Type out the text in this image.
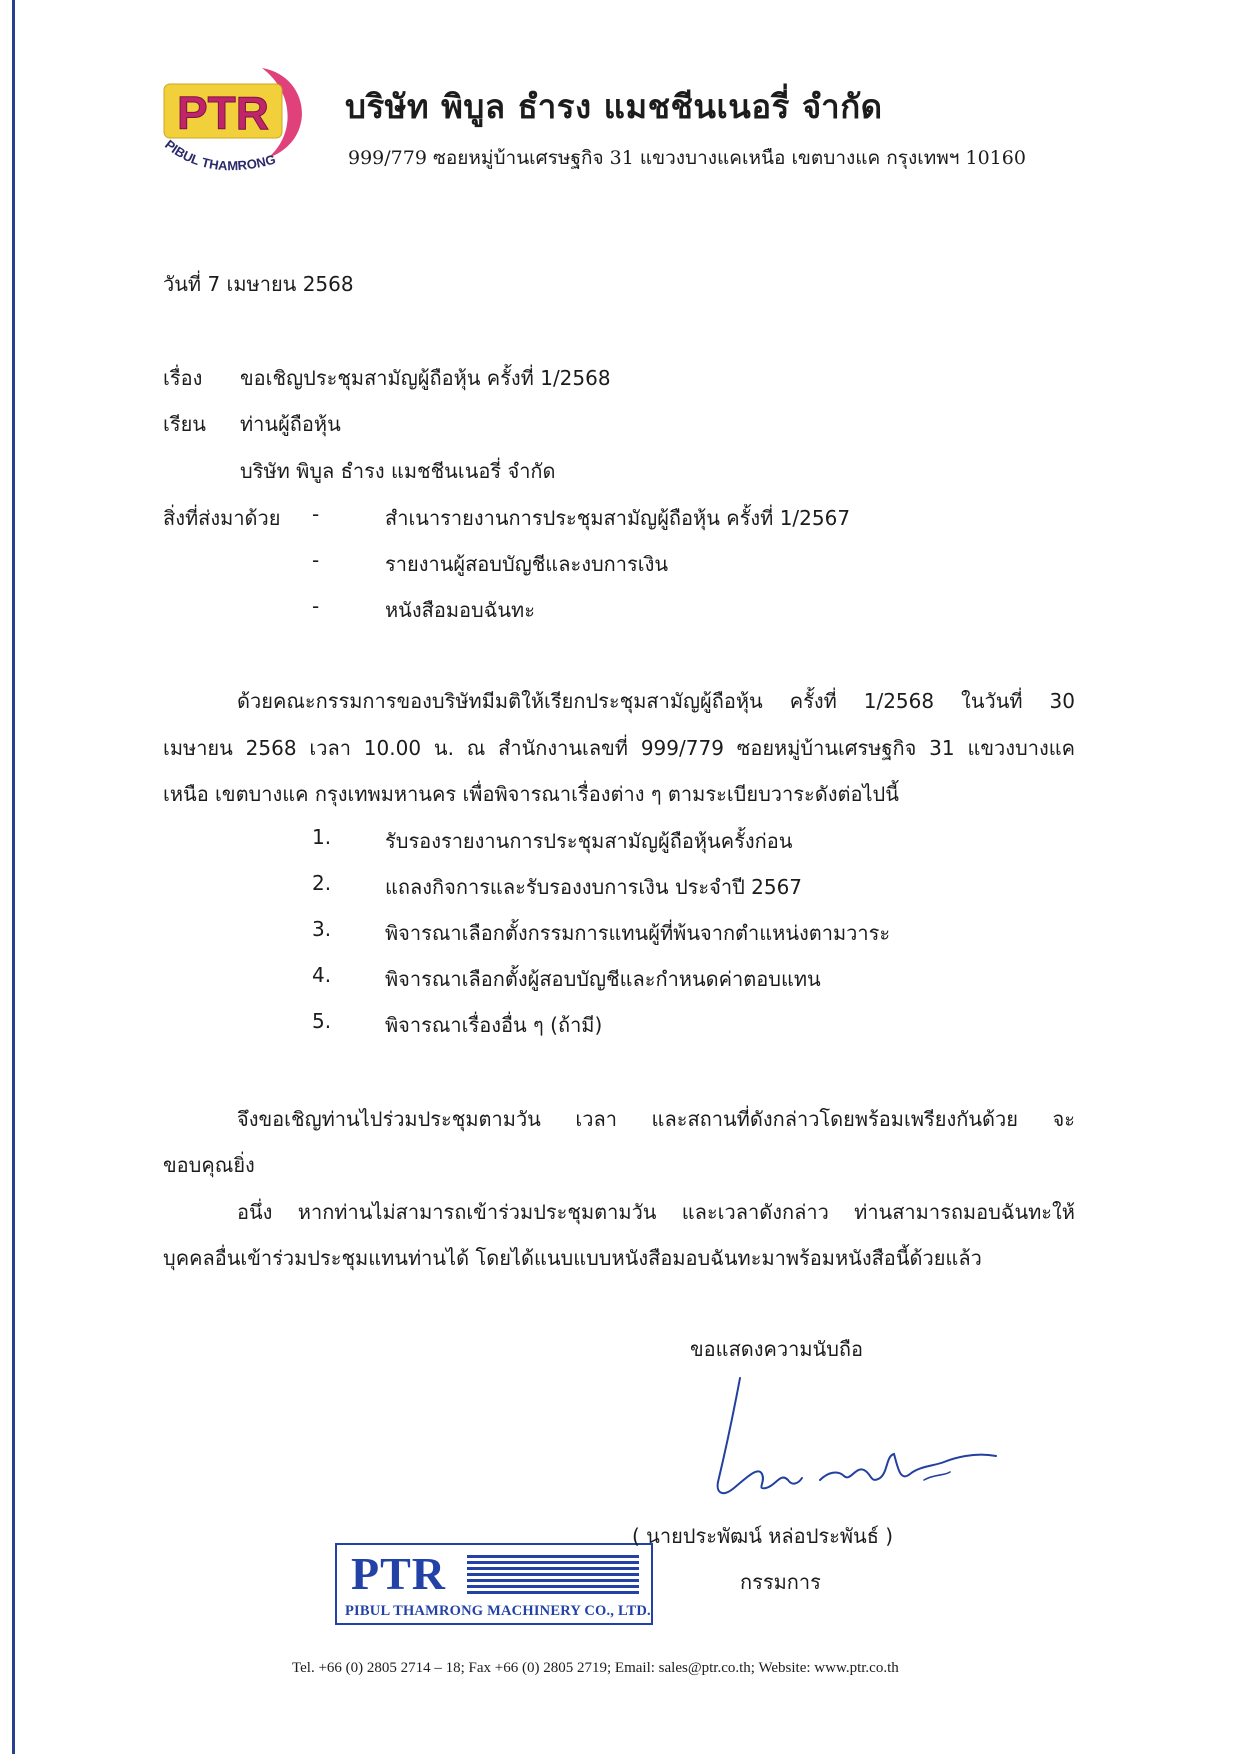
PTR
PIBUL THAMRONG
บริษัท พิบูล ธำรง แมชชีนเนอรี่ จำกัด
999/779 ซอยหมู่บ้านเศรษฐกิจ 31 แขวงบางแคเหนือ เขตบางแค กรุงเทพฯ 10160
วันที่ 7 เมษายน 2568
เรื่อง ขอเชิญประชุมสามัญผู้ถือหุ้น ครั้งที่ 1/2568
เรียน ท่านผู้ถือหุ้น
บริษัท พิบูล ธำรง แมชชีนเนอรี่ จำกัด
สิ่งที่ส่งมาด้วย -	สำเนารายงานการประชุมสามัญผู้ถือหุ้น ครั้งที่ 1/2567
-	รายงานผู้สอบบัญชีและงบการเงิน
-	หนังสือมอบฉันทะ
ด้วยคณะกรรมการของบริษัทมีมติให้เรียกประชุมสามัญผู้ถือหุ้น ครั้งที่ 1/2568 ในวันที่ 30
เมษายน 2568 เวลา 10.00 น. ณ สำนักงานเลขที่ 999/779 ซอยหมู่บ้านเศรษฐกิจ 31 แขวงบางแค
เหนือ เขตบางแค กรุงเทพมหานคร เพื่อพิจารณาเรื่องต่าง ๆ ตามระเบียบวาระดังต่อไปนี้
1.	รับรองรายงานการประชุมสามัญผู้ถือหุ้นครั้งก่อน
2.	แถลงกิจการและรับรองงบการเงิน ประจำปี 2567
3.	พิจารณาเลือกตั้งกรรมการแทนผู้ที่พ้นจากตำแหน่งตามวาระ
4.	พิจารณาเลือกตั้งผู้สอบบัญชีและกำหนดค่าตอบแทน
5.	พิจารณาเรื่องอื่น ๆ (ถ้ามี)
จึงขอเชิญท่านไปร่วมประชุมตามวัน เวลา และสถานที่ดังกล่าวโดยพร้อมเพรียงกันด้วย จะ
ขอบคุณยิ่ง
อนึ่ง หากท่านไม่สามารถเข้าร่วมประชุมตามวัน และเวลาดังกล่าว ท่านสามารถมอบฉันทะให้
บุคคลอื่นเข้าร่วมประชุมแทนท่านได้ โดยได้แนบแบบหนังสือมอบฉันทะมาพร้อมหนังสือนี้ด้วยแล้ว
ขอแสดงความนับถือ
PTR
PIBUL THAMRONG MACHINERY CO., LTD.
( นายประพัฒน์ หล่อประพันธ์ )
กรรมการ
Tel. +66 (0) 2805 2714 – 18; Fax +66 (0) 2805 2719; Email: sales@ptr.co.th; Website: www.ptr.co.th
